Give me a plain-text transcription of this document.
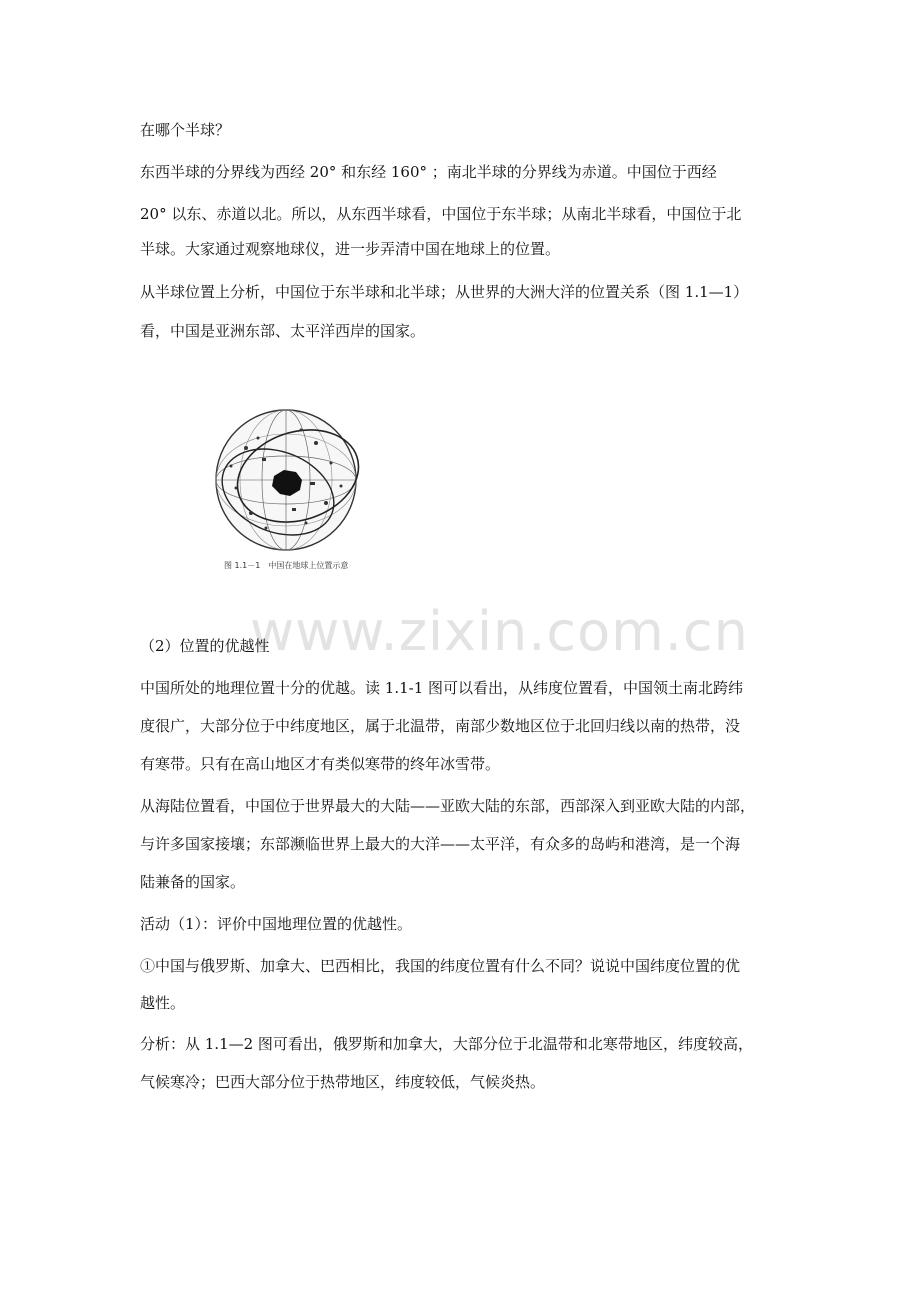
在哪个半球？
东西半球的分界线为西经 20° 和东经 160° ；南北半球的分界线为赤道。中国位于西经
20° 以东、赤道以北。所以，从东西半球看，中国位于东半球；从南北半球看，中国位于北
半球。大家通过观察地球仪，进一步弄清中国在地球上的位置。
从半球位置上分析，中国位于东半球和北半球；从世界的大洲大洋的位置关系（图 1.1—1）
看，中国是亚洲东部、太平洋西岸的国家。
图 1.1－1　中国在地球上位置示意
www.zixin.com.cn
（2）位置的优越性
中国所处的地理位置十分的优越。读 1.1-1 图可以看出，从纬度位置看，中国领土南北跨纬
度很广，大部分位于中纬度地区，属于北温带，南部少数地区位于北回归线以南的热带，没
有寒带。只有在高山地区才有类似寒带的终年冰雪带。
从海陆位置看，中国位于世界最大的大陆——亚欧大陆的东部，西部深入到亚欧大陆的内部，
与许多国家接壤；东部濒临世界上最大的大洋——太平洋，有众多的岛屿和港湾，是一个海
陆兼备的国家。
活动（1）：评价中国地理位置的优越性。
①中国与俄罗斯、加拿大、巴西相比，我国的纬度位置有什么不同？说说中国纬度位置的优
越性。
分析：从 1.1—2 图可看出，俄罗斯和加拿大，大部分位于北温带和北寒带地区，纬度较高，
气候寒冷；巴西大部分位于热带地区，纬度较低，气候炎热。
